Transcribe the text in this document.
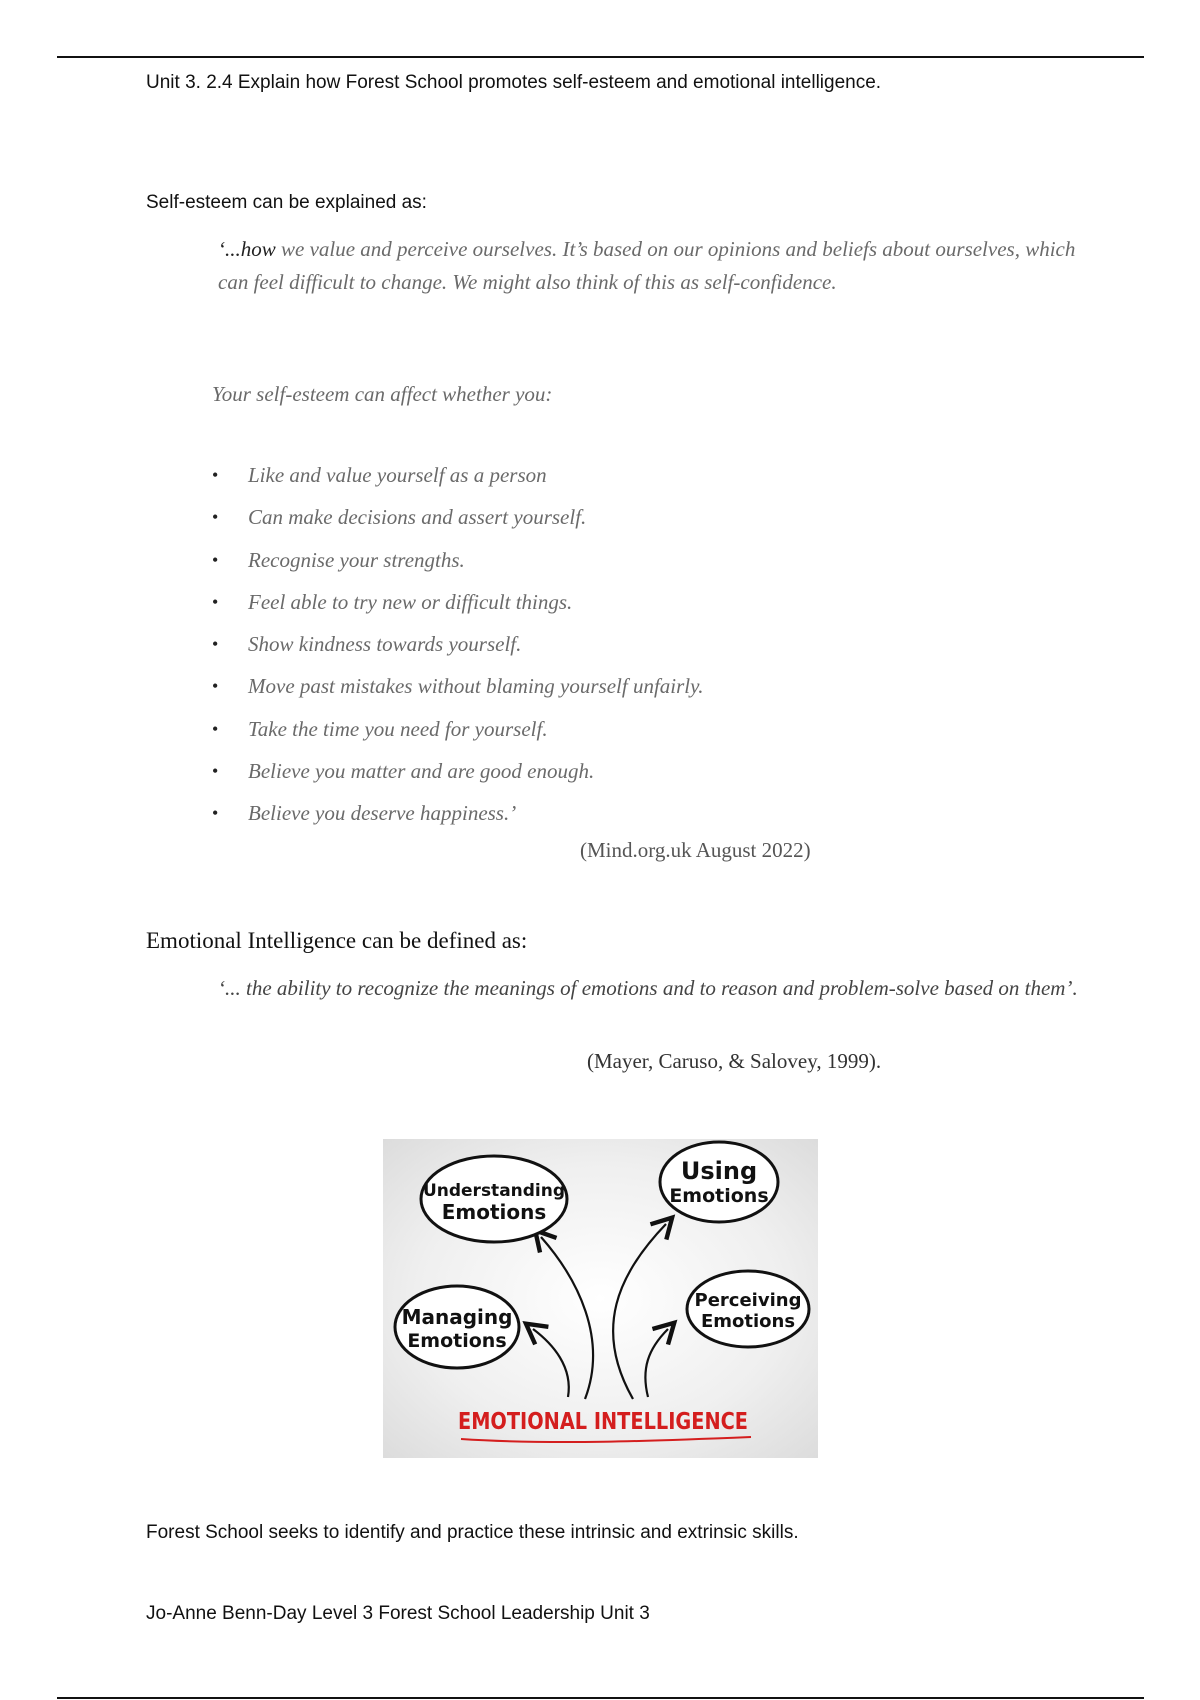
Unit 3. 2.4 Explain how Forest School promotes self-esteem and emotional intelligence.
Self-esteem can be explained as:
‘...how we value and perceive ourselves. It’s based on our opinions and beliefs about ourselves, which can feel difficult to change. We might also think of this as self-confidence.
Your self-esteem can affect whether you:
• Like and value yourself as a person
• Can make decisions and assert yourself.
• Recognise your strengths.
• Feel able to try new or difficult things.
• Show kindness towards yourself.
• Move past mistakes without blaming yourself unfairly.
• Take the time you need for yourself.
• Believe you matter and are good enough.
• Believe you deserve happiness.’
(Mind.org.uk August 2022)
Emotional Intelligence can be defined as:
‘... the ability to recognize the meanings of emotions and to reason and problem-solve based on them’.
(Mayer, Caruso, & Salovey, 1999).
Understanding
Emotions
Using
Emotions
Managing
Emotions
Perceiving
Emotions
EMOTIONAL INTELLIGENCE
Forest School seeks to identify and practice these intrinsic and extrinsic skills.
Jo-Anne Benn-Day Level 3 Forest School Leadership Unit 3
